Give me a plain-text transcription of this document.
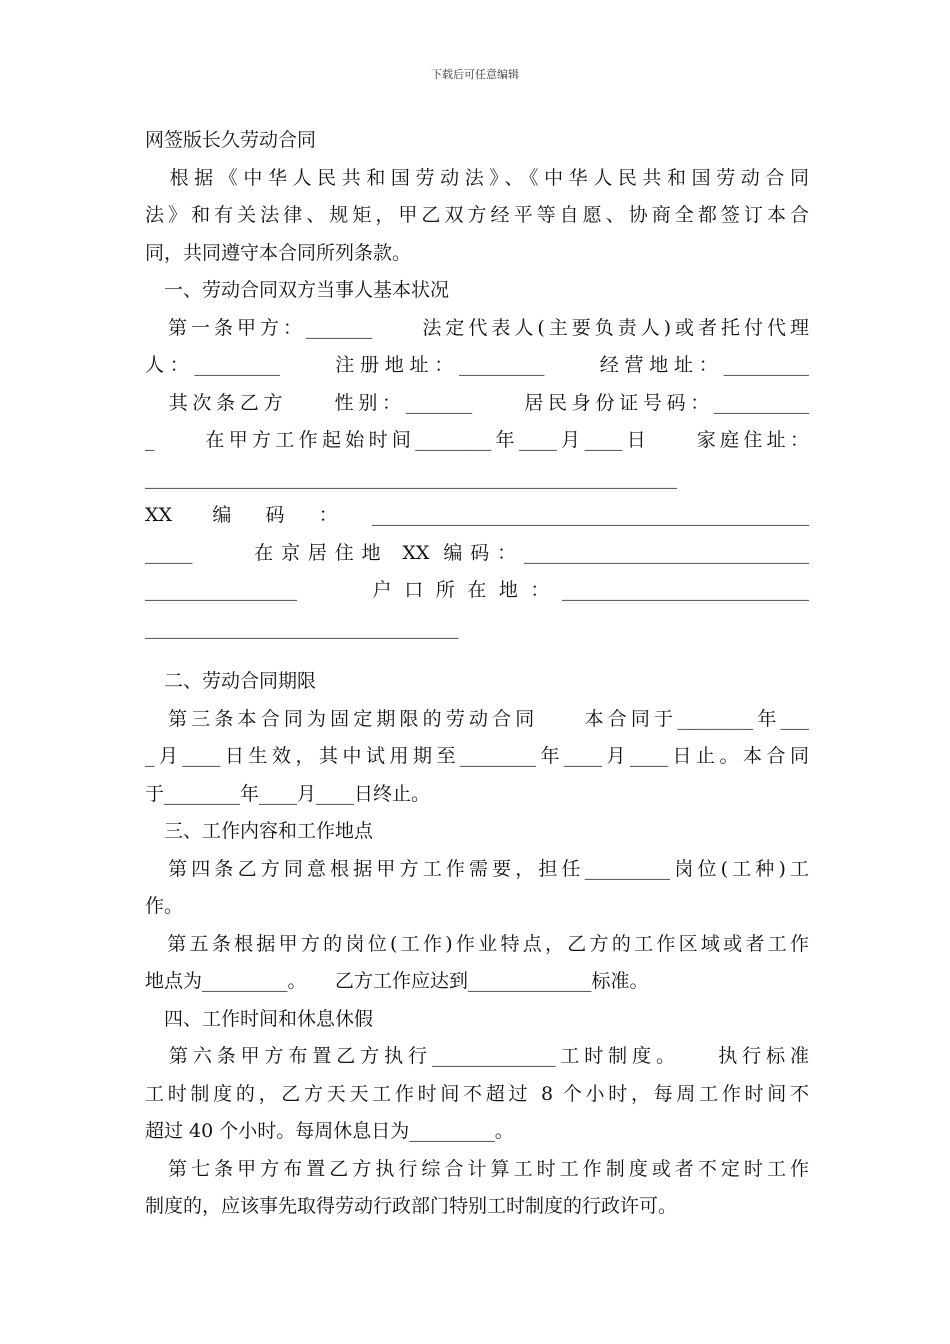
下载后可任意编辑
网签版长久劳动合同
　根据《中华人民共和国劳动法》、《中华人民共和国劳动合同
法》和有关法律、规矩，甲乙双方经平等自愿、协商全都签订本合
同，共同遵守本合同所列条款。
　一、劳动合同双方当事人基本状况
　第一条甲方：_______　　法定代表人(主要负责人)或者托付代理
人：_________　　注册地址：_________　　经营地址：_________
　其次条乙方　　性别：_______　　居民身份证号码：__________
_　　在甲方工作起始时间________年____月____日　　家庭住址：
________________________________________________________
XX 编码：______________________________________________
_____　　在京居住地 XX 编码：______________________________
________________　　户口所在地：__________________________
_________________________________
　二、劳动合同期限
　第三条本合同为固定期限的劳动合同　　本合同于________年___
_月____日生效，其中试用期至________年____月____日止。本合同
于________年____月____日终止。
　三、工作内容和工作地点
　第四条乙方同意根据甲方工作需要，担任_________岗位(工种)工
作。
　第五条根据甲方的岗位(工作)作业特点，乙方的工作区域或者工作
地点为_________。　　乙方工作应达到_____________标准。
　四、工作时间和休息休假
　第六条甲方布置乙方执行_____________工时制度。　　执行标准
工时制度的，乙方天天工作时间不超过 8 个小时，每周工作时间不
超过 40 个小时。每周休息日为_________。
　第七条甲方布置乙方执行综合计算工时工作制度或者不定时工作
制度的，应该事先取得劳动行政部门特别工时制度的行政许可。
